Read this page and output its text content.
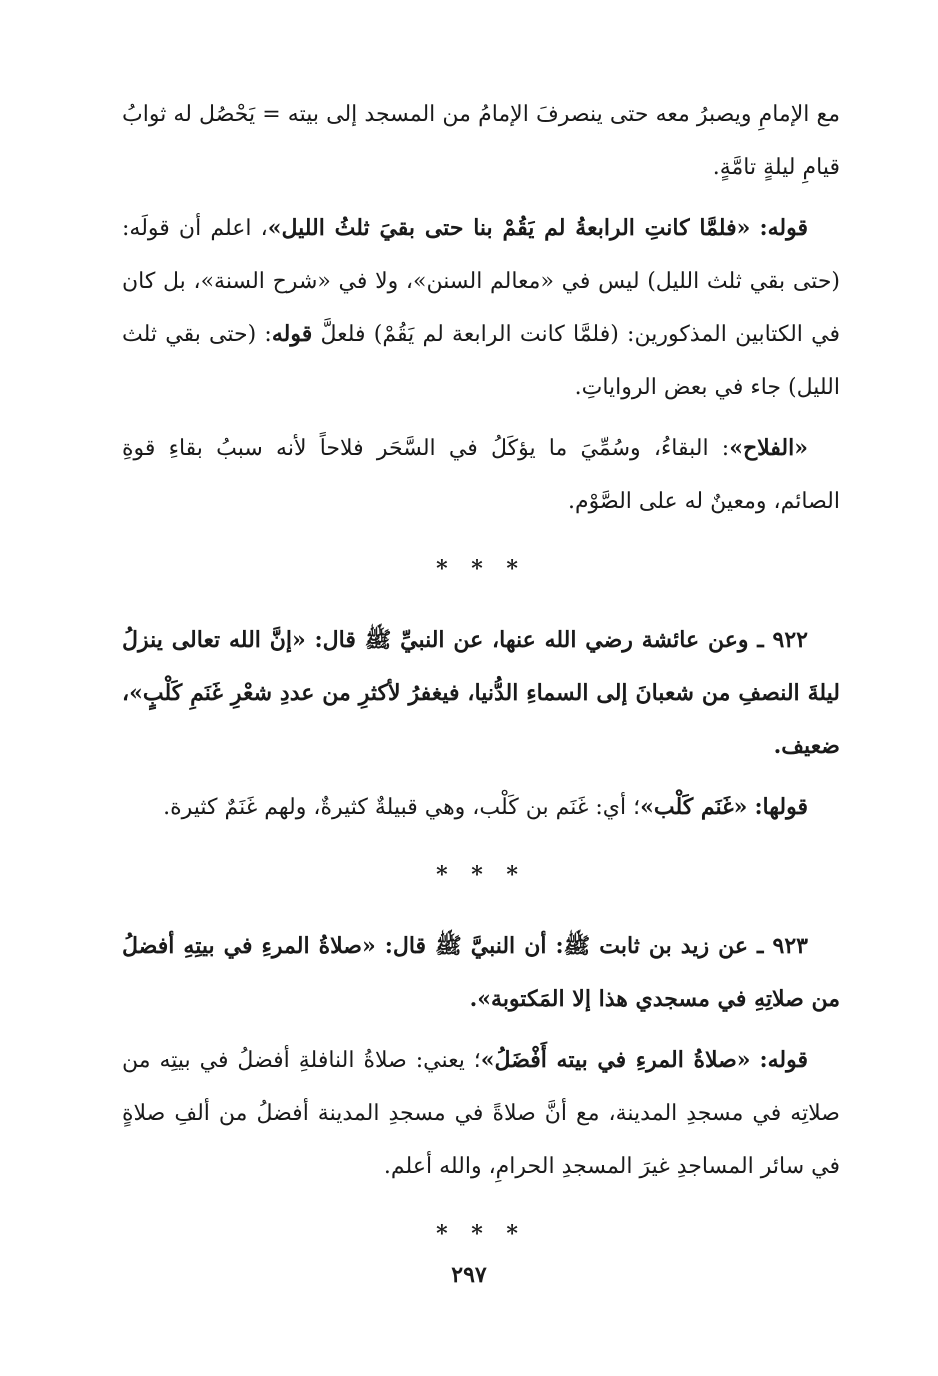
مع الإمامِ ويصبرُ معه حتى ينصرفَ الإمامُ من المسجد إلى بيته = يَحْصُل له ثوابُ قيامِ ليلةٍ تامَّةٍ.

قوله: «فلمَّا كانتِ الرابعةُ لم يَقُمْ بنا حتى بقيَ ثلثُ الليل»، اعلم أن قولَه: (حتى بقي ثلث الليل) ليس في «معالم السنن»، ولا في «شرح السنة»، بل كان في الكتابين المذكورين: (فلمَّا كانت الرابعة لم يَقُمْ) فلعلَّ قوله: (حتى بقي ثلث الليل) جاء في بعض الرواياتِ.

«الفلاح»: البقاءُ، وسُمِّيَ ما يؤكَلُ في السَّحَر فلاحاً لأنه سببُ بقاءِ قوةِ الصائم، ومعينٌ له على الصَّوْم.

* * *

٩٢٢ ـ وعن عائشة رضي الله عنها، عن النبيِّ ﷺ قال: «إنَّ الله تعالى ينزلُ ليلةَ النصفِ من شعبانَ إلى السماءِ الدُّنيا، فيغفرُ لأكثرِ من عددِ شعْرِ غَنَمِ كَلْبٍ»، ضعيف.

قولها: «غَنَم كَلْب»؛ أي: غَنَم بن كَلْب، وهي قبيلةٌ كثيرةٌ، ولهم غَنَمٌ كثيرة.

* * *

٩٢٣ ـ عن زيد بن ثابت ﷺ: أن النبيَّ ﷺ قال: «صلاةُ المرءِ في بيتِهِ أفضلُ من صلاتِهِ في مسجدي هذا إلا المَكتوبة».

قوله: «صلاةُ المرءِ في بيته أَفْضَلُ»؛ يعني: صلاةُ النافلةِ أفضلُ في بيتِه من صلاتِه في مسجدِ المدينة، مع أنَّ صلاةً في مسجدِ المدينة أفضلُ من ألفِ صلاةٍ في سائر المساجدِ غيرَ المسجدِ الحرامِ، والله أعلم.

* * *
٢٩٧
